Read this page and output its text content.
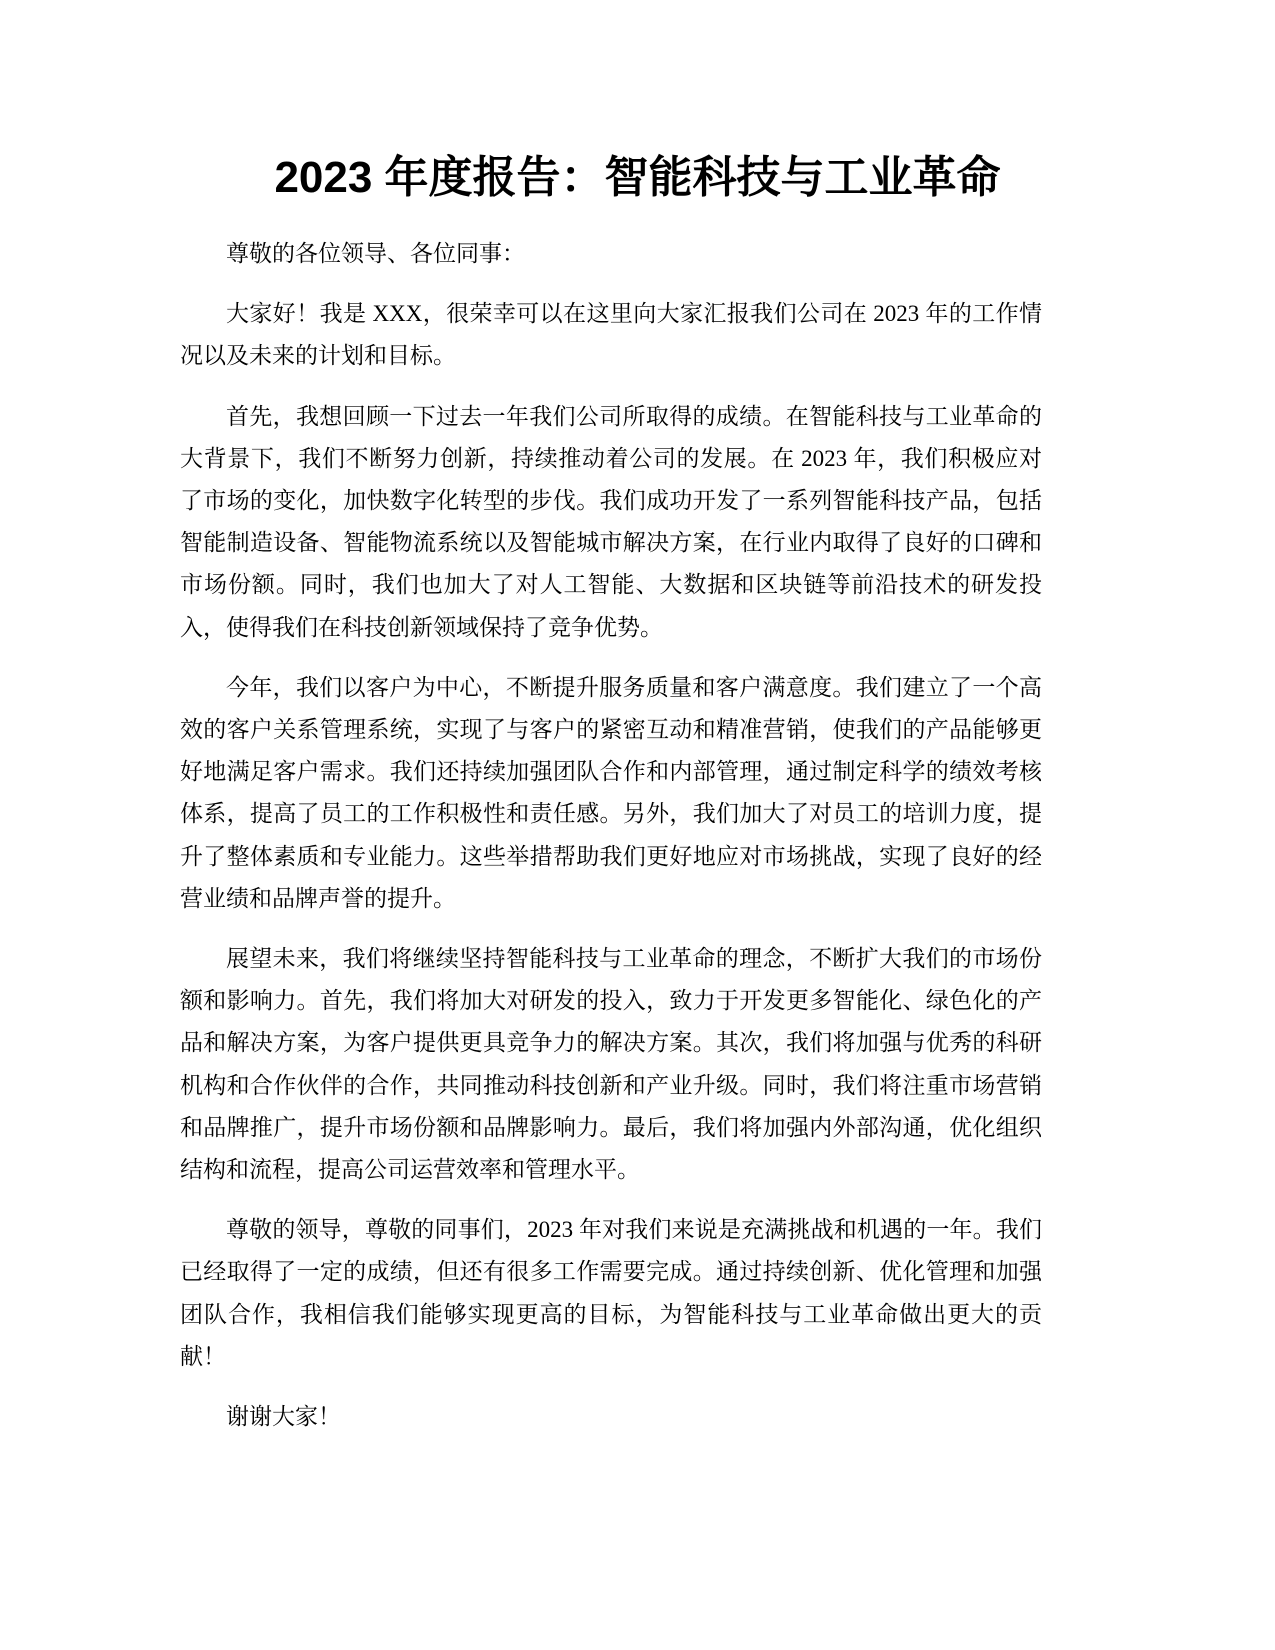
2023 年度报告：智能科技与工业革命

尊敬的各位领导、各位同事：

大家好！我是 XXX，很荣幸可以在这里向大家汇报我们公司在 2023 年的工作情况以及未来的计划和目标。

首先，我想回顾一下过去一年我们公司所取得的成绩。在智能科技与工业革命的大背景下，我们不断努力创新，持续推动着公司的发展。在 2023 年，我们积极应对了市场的变化，加快数字化转型的步伐。我们成功开发了一系列智能科技产品，包括智能制造设备、智能物流系统以及智能城市解决方案，在行业内取得了良好的口碑和市场份额。同时，我们也加大了对人工智能、大数据和区块链等前沿技术的研发投入，使得我们在科技创新领域保持了竞争优势。

今年，我们以客户为中心，不断提升服务质量和客户满意度。我们建立了一个高效的客户关系管理系统，实现了与客户的紧密互动和精准营销，使我们的产品能够更好地满足客户需求。我们还持续加强团队合作和内部管理，通过制定科学的绩效考核体系，提高了员工的工作积极性和责任感。另外，我们加大了对员工的培训力度，提升了整体素质和专业能力。这些举措帮助我们更好地应对市场挑战，实现了良好的经营业绩和品牌声誉的提升。

展望未来，我们将继续坚持智能科技与工业革命的理念，不断扩大我们的市场份额和影响力。首先，我们将加大对研发的投入，致力于开发更多智能化、绿色化的产品和解决方案，为客户提供更具竞争力的解决方案。其次，我们将加强与优秀的科研机构和合作伙伴的合作，共同推动科技创新和产业升级。同时，我们将注重市场营销和品牌推广，提升市场份额和品牌影响力。最后，我们将加强内外部沟通，优化组织结构和流程，提高公司运营效率和管理水平。

尊敬的领导，尊敬的同事们，2023 年对我们来说是充满挑战和机遇的一年。我们已经取得了一定的成绩，但还有很多工作需要完成。通过持续创新、优化管理和加强团队合作，我相信我们能够实现更高的目标，为智能科技与工业革命做出更大的贡献！

谢谢大家！
